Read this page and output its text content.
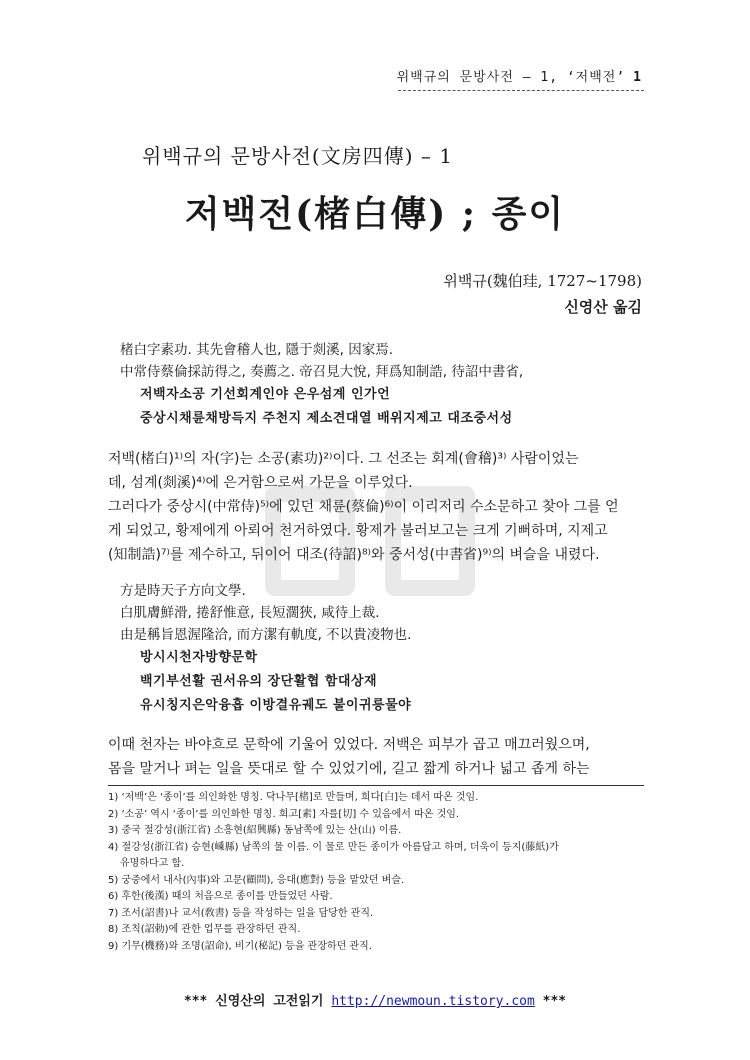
위백규의 문방사전 – 1, ‘저백전’ 1
위백규의 문방사전(文房四傳) – 1
저백전(楮白傳) ; 종이
위백규(魏伯珪, 1727~1798)
신영산 옮김
楮白字素功. 其先會稽人也, 隱于剡溪, 因家焉.
中常侍蔡倫採訪得之, 奏薦之. 帝召見大悅, 拜爲知制誥, 待詔中書省,
저백자소공 기선회계인야 은우섬계 인가언
중상시채륜채방득지 주천지 제소견대열 배위지제고 대조중서성
저백(楮白)¹⁾의 자(字)는 소공(素功)²⁾이다. 그 선조는 회계(會稽)³⁾ 사람이었는
데, 섬계(剡溪)⁴⁾에 은거함으로써 가문을 이루었다.
그러다가 중상시(中常侍)⁵⁾에 있던 채륜(蔡倫)⁶⁾이 이리저리 수소문하고 찾아 그를 얻
게 되었고, 황제에게 아뢰어 천거하였다. 황제가 불러보고는 크게 기뻐하며, 지제고
(知制誥)⁷⁾를 제수하고, 뒤이어 대조(待詔)⁸⁾와 중서성(中書省)⁹⁾의 벼슬을 내렸다.
方是時天子方向文學.
白肌膚鮮滑, 捲舒惟意, 長短濶狹, 咸待上裁.
由是稱旨恩渥隆洽, 而方潔有軌度, 不以貴凌物也.
방시시천자방향문학
백기부선활 권서유의 장단활협 함대상재
유시칭지은악융흡 이방결유궤도 불이귀릉물야
이때 천자는 바야흐로 문학에 기울어 있었다. 저백은 피부가 곱고 매끄러웠으며,
몸을 말거나 펴는 일을 뜻대로 할 수 있었기에, 길고 짧게 하거나 넓고 좁게 하는
1) ‘저백’은 ‘종이’를 의인화한 명칭. 닥나무[楮]로 만들며, 희다[白]는 데서 따온 것임.
2) ‘소공’ 역시 ‘종이’를 의인화한 명칭. 희고[素] 자를[切] 수 있음에서 따온 것임.
3) 중국 절강성(浙江省) 소흥현(紹興縣) 동남쪽에 있는 산(山) 이름.
4) 절강성(浙江省) 승현(嵊縣) 남쪽의 물 이름. 이 물로 만든 종이가 아름답고 하며, 더욱이 등지(藤紙)가
유명하다고 함.
5) 궁중에서 내사(內事)와 고문(顧問), 응대(應對) 등을 맡았던 벼슬.
6) 후한(後漢) 때의 처음으로 종이를 만들었던 사람.
7) 조서(詔書)나 교서(敎書) 등을 작성하는 일을 담당한 관직.
8) 조칙(詔勅)에 관한 업무를 관장하던 관직.
9) 기무(機務)와 조명(詔命), 비기(秘記) 등을 관장하던 관직.
*** 신영산의 고전읽기 http://newmoun.tistory.com ***
